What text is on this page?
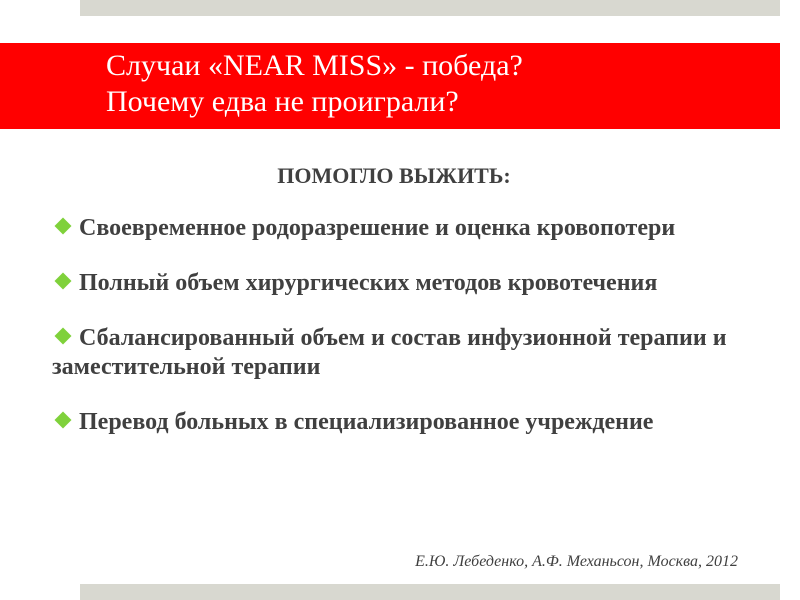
Случаи «NEAR MISS» - победа?
Почему едва не проиграли?
ПОМОГЛО ВЫЖИТЬ:
Своевременное родоразрешение и оценка кровопотери
Полный объем хирургических методов кровотечения
Сбалансированный объем и состав инфузионной терапии и заместительной терапии
Перевод больных в специализированное учреждение
Е.Ю. Лебеденко, А.Ф. Механьсон, Москва, 2012
